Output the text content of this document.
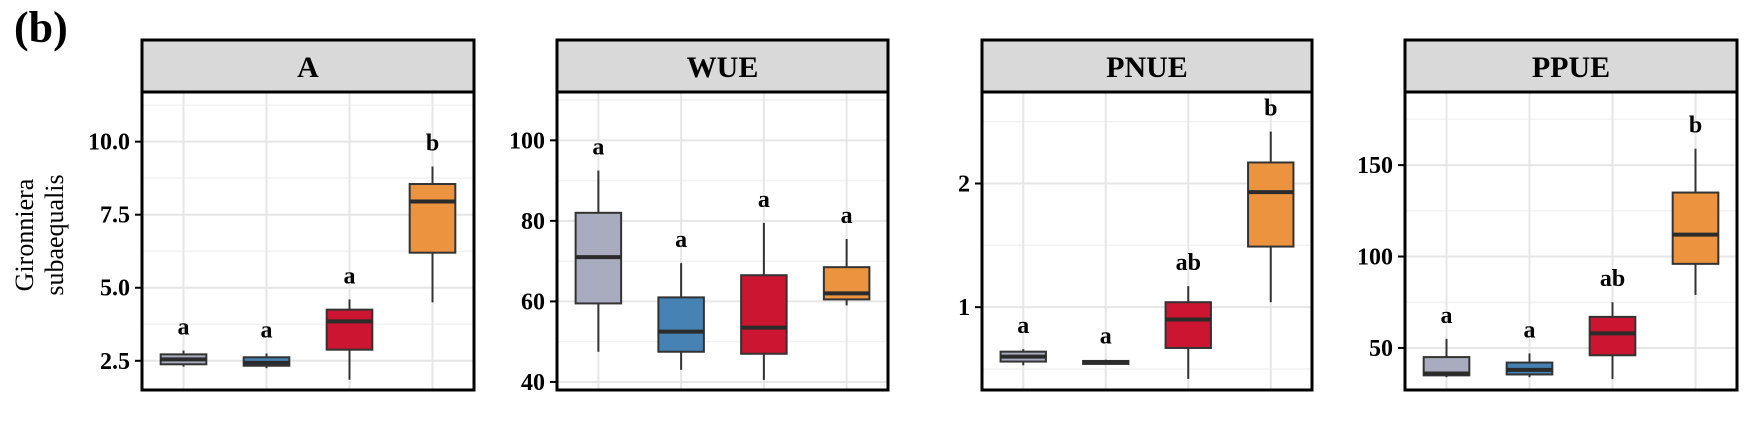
(b)
Gironniera subaequalis
A
a	a
a
b
2.5
5.0
7.5
10.0
WUE
a
a
a
a
40
60
80
100
PNUE
a	a
ab
b
1
2
PPUE
a
a
ab
b
50
100
150
